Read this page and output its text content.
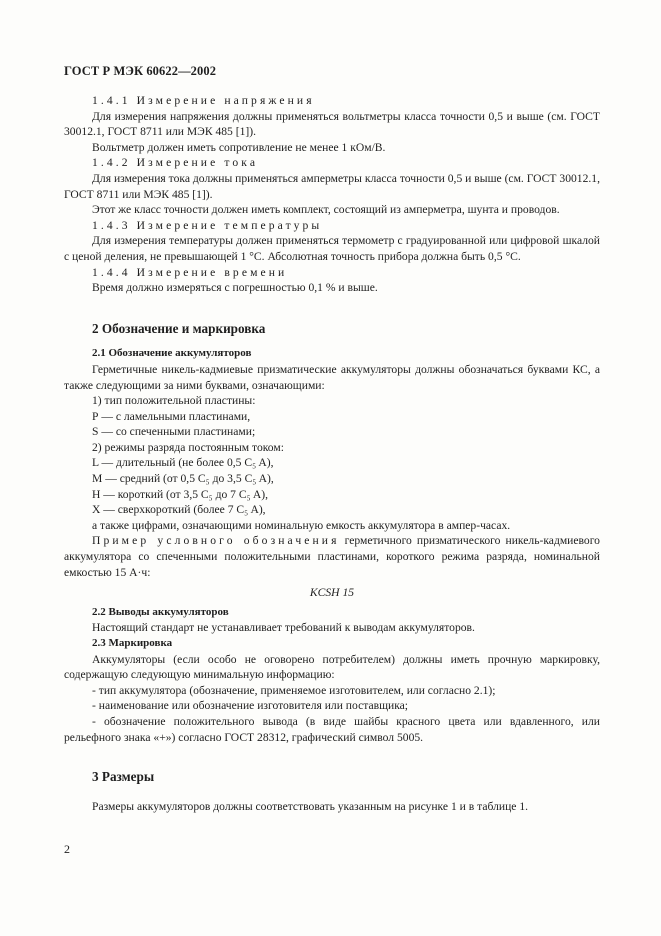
ГОСТ Р МЭК 60622—2002

1.4.1 Измерение напряжения

Для измерения напряжения должны применяться вольтметры класса точности 0,5 и выше (см. ГОСТ 30012.1, ГОСТ 8711 или МЭК 485 [1]).

Вольтметр должен иметь сопротивление не менее 1 кОм/В.

1.4.2 Измерение тока

Для измерения тока должны применяться амперметры класса точности 0,5 и выше (см. ГОСТ 30012.1, ГОСТ 8711 или МЭК 485 [1]).

Этот же класс точности должен иметь комплект, состоящий из амперметра, шунта и проводов.

1.4.3 Измерение температуры

Для измерения температуры должен применяться термометр с градуированной или цифровой шкалой с ценой деления, не превышающей 1 °С. Абсолютная точность прибора должна быть 0,5 °С.

1.4.4 Измерение времени

Время должно измеряться с погрешностью 0,1 % и выше.

2 Обозначение и маркировка

2.1 Обозначение аккумуляторов

Герметичные никель-кадмиевые призматические аккумуляторы должны обозначаться буквами КС, а также следующими за ними буквами, означающими:

1) тип положительной пластины:

Р — с ламельными пластинами,

S — со спеченными пластинами;

2) режимы разряда постоянным током:

L — длительный (не более 0,5 C₅ A),

M — средний (от 0,5 C₅ до 3,5 C₅ A),

H — короткий (от 3,5 C₅ до 7 C₅ A),

X — сверхкороткий (более 7 C₅ A),

а также цифрами, означающими номинальную емкость аккумулятора в ампер-часах.

Пример условного обозначения герметичного призматического никель-кадмиевого аккумулятора со спеченными положительными пластинами, короткого режима разряда, номинальной емкостью 15 А·ч:

KCSH 15

2.2 Выводы аккумуляторов

Настоящий стандарт не устанавливает требований к выводам аккумуляторов.

2.3 Маркировка

Аккумуляторы (если особо не оговорено потребителем) должны иметь прочную маркировку, содержащую следующую минимальную информацию:

- тип аккумулятора (обозначение, применяемое изготовителем, или согласно 2.1);

- наименование или обозначение изготовителя или поставщика;

- обозначение положительного вывода (в виде шайбы красного цвета или вдавленного, или рельефного знака «+») согласно ГОСТ 28312, графический символ 5005.

3 Размеры

Размеры аккумуляторов должны соответствовать указанным на рисунке 1 и в таблице 1.

2
